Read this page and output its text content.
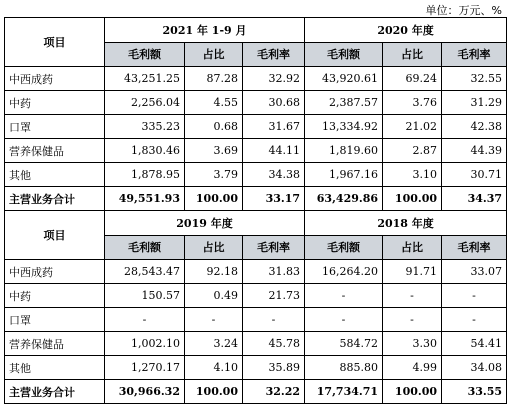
单位：万元、%
项目	2021 年 1-9 月			2020 年度		
	毛利额	占比	毛利率	毛利额	占比	毛利率
中西成药	43,251.25	87.28	32.92	43,920.61	69.24	32.55
中药	2,256.04	4.55	30.68	2,387.57	3.76	31.29
口罩	335.23	0.68	31.67	13,334.92	21.02	42.38
营养保健品	1,830.46	3.69	44.11	1,819.60	2.87	44.39
其他	1,878.95	3.79	34.38	1,967.16	3.10	30.71
主营业务合计	49,551.93	100.00	33.17	63,429.86	100.00	34.37
项目	2019 年度			2018 年度		
	毛利额	占比	毛利率	毛利额	占比	毛利率
中西成药	28,543.47	92.18	31.83	16,264.20	91.71	33.07
中药	150.57	0.49	21.73	-	-	-
口罩	-	-	-	-	-	-
营养保健品	1,002.10	3.24	45.78	584.72	3.30	54.41
其他	1,270.17	4.10	35.89	885.80	4.99	34.08
主营业务合计	30,966.32	100.00	32.22	17,734.71	100.00	33.55
